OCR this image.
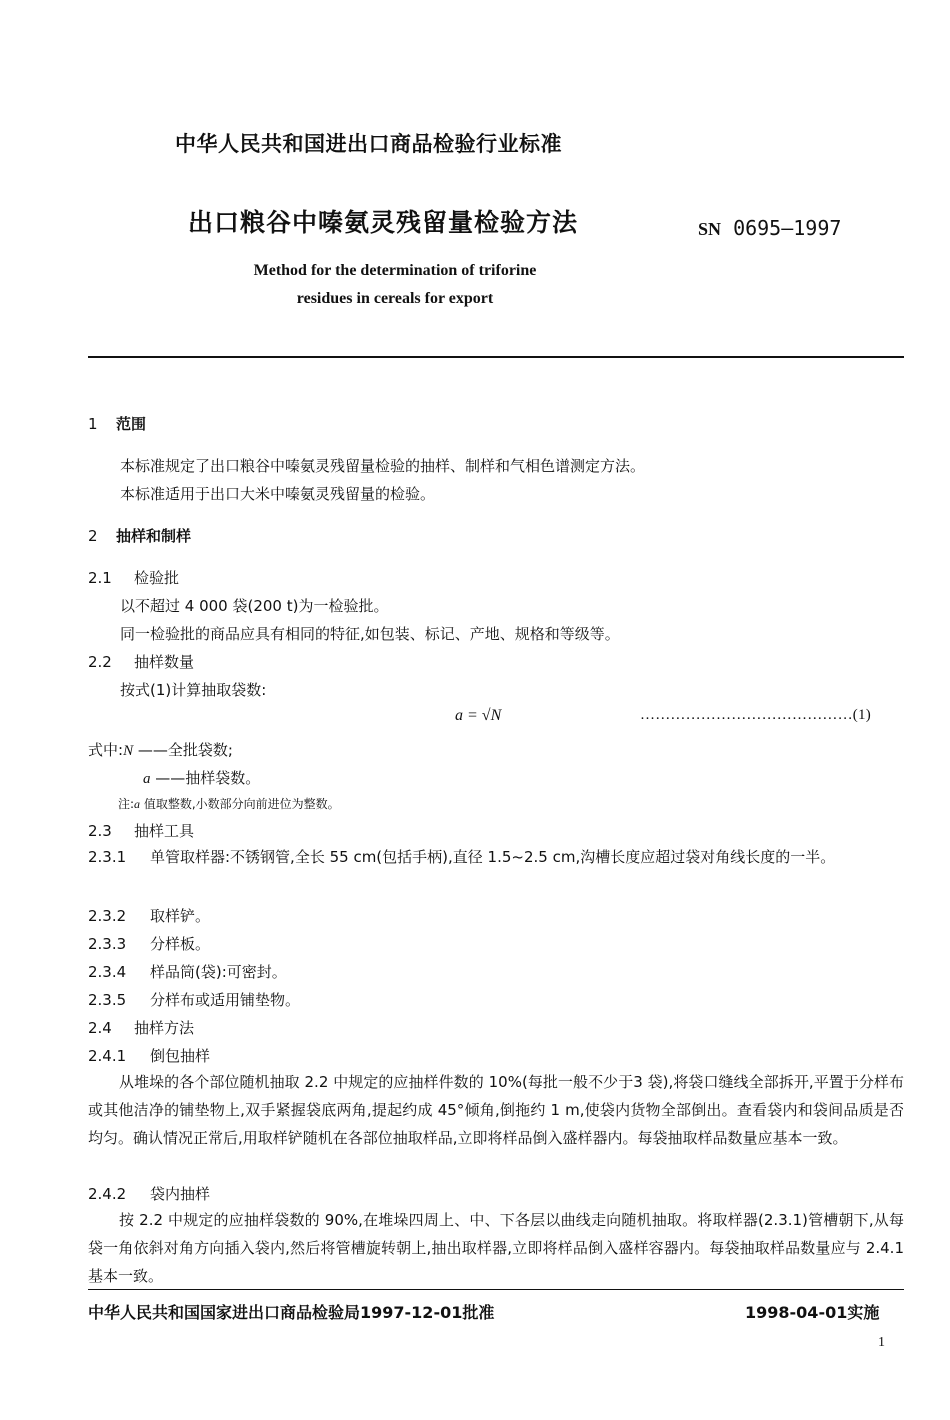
中华人民共和国进出口商品检验行业标准
出口粮谷中嗪氨灵残留量检验方法	SN 0695—1997
Method for the determination of triforine
residues in cereals for export
1 范围
本标准规定了出口粮谷中嗪氨灵残留量检验的抽样、制样和气相色谱测定方法。
本标准适用于出口大米中嗪氨灵残留量的检验。
2 抽样和制样
2.1 检验批
以不超过 4 000 袋(200 t)为一检验批。
同一检验批的商品应具有相同的特征,如包装、标记、产地、规格和等级等。
2.2 抽样数量
按式(1)计算抽取袋数:
a = √N	……………………………………(1)
式中:N ——全批袋数;
a ——抽样袋数。
注:a 值取整数,小数部分向前进位为整数。
2.3 抽样工具
2.3.1 单管取样器:不锈钢管,全长 55 cm(包括手柄),直径 1.5~2.5 cm,沟槽长度应超过袋对角线长度的一半。
2.3.2 取样铲。
2.3.3 分样板。
2.3.4 样品筒(袋):可密封。
2.3.5 分样布或适用铺垫物。
2.4 抽样方法
2.4.1 倒包抽样
从堆垛的各个部位随机抽取 2.2 中规定的应抽样件数的 10%(每批一般不少于3 袋),将袋口缝线全部拆开,平置于分样布或其他洁净的铺垫物上,双手紧握袋底两角,提起约成 45°倾角,倒拖约 1 m,使袋内货物全部倒出。查看袋内和袋间品质是否均匀。确认情况正常后,用取样铲随机在各部位抽取样品,立即将样品倒入盛样器内。每袋抽取样品数量应基本一致。
2.4.2 袋内抽样
按 2.2 中规定的应抽样袋数的 90%,在堆垛四周上、中、下各层以曲线走向随机抽取。将取样器(2.3.1)管槽朝下,从每袋一角依斜对角方向插入袋内,然后将管槽旋转朝上,抽出取样器,立即将样品倒入盛样容器内。每袋抽取样品数量应与 2.4.1 基本一致。
中华人民共和国国家进出口商品检验局1997-12-01批准	1998-04-01实施
1
